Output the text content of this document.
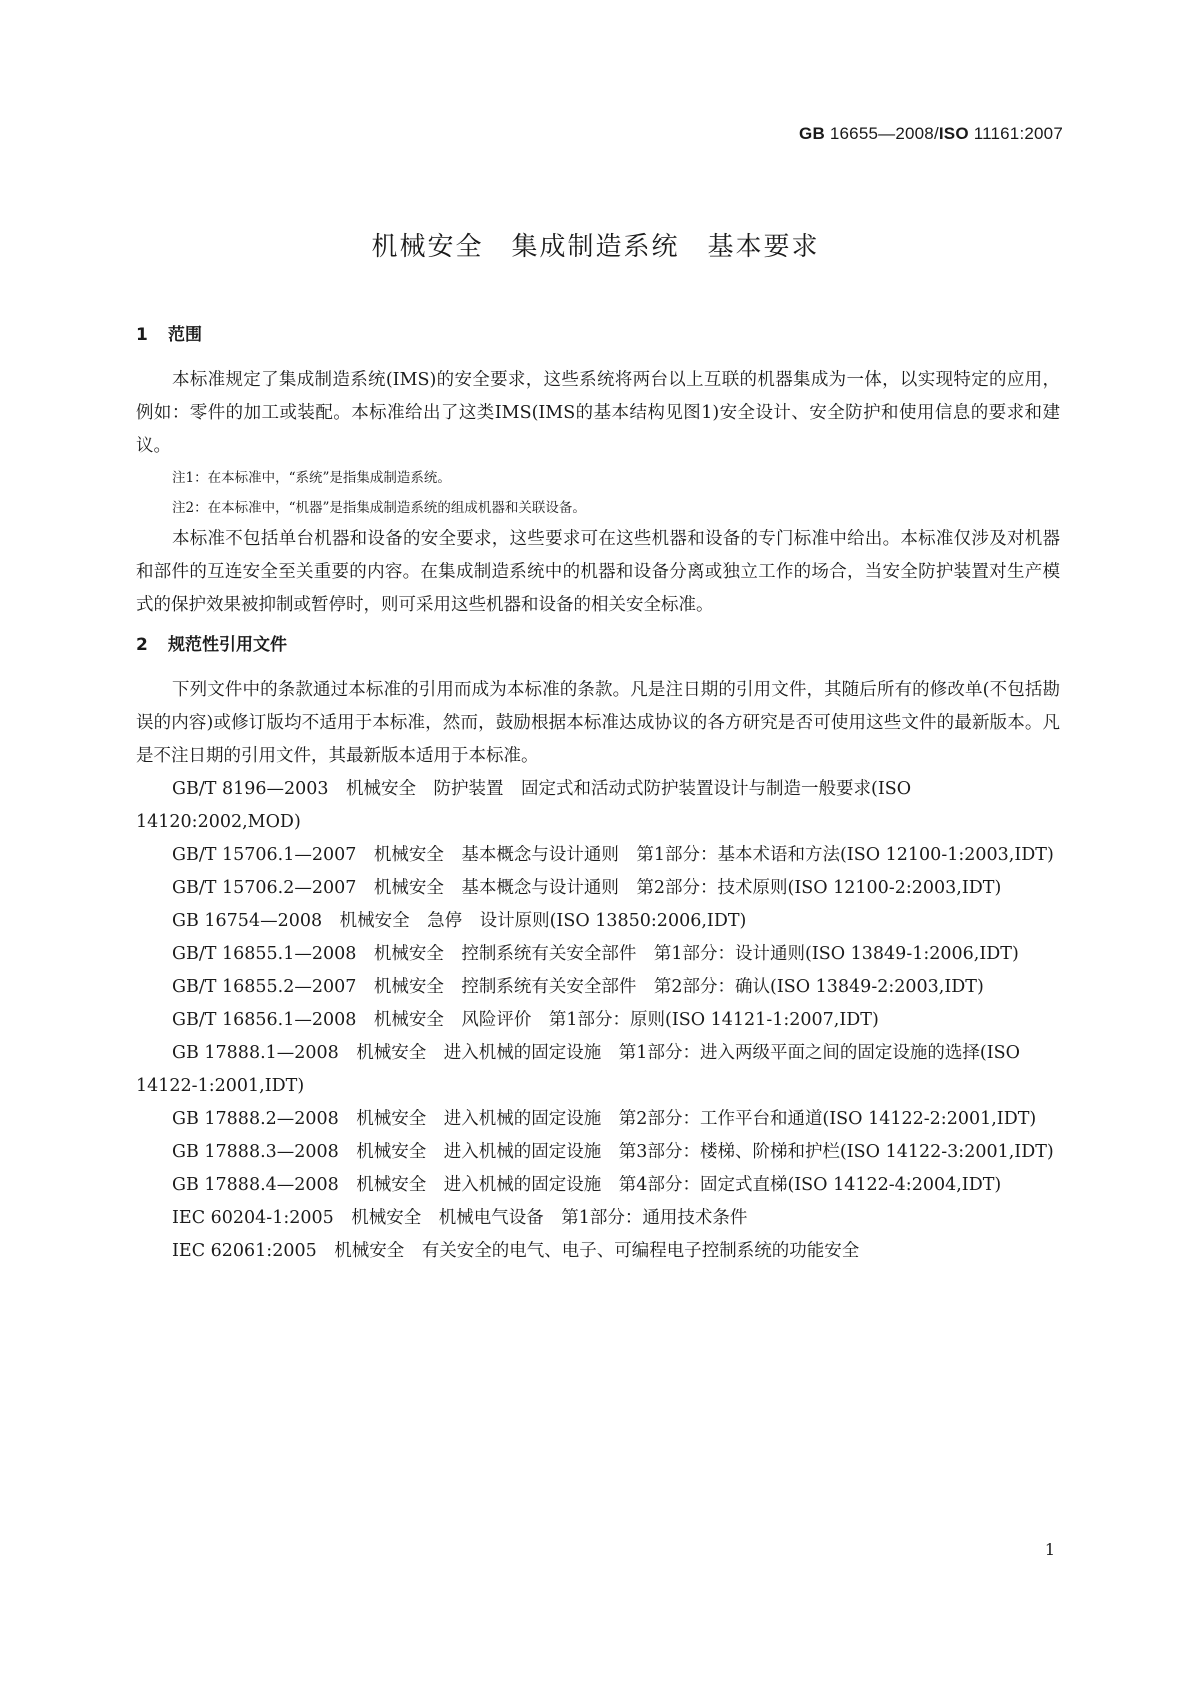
GB 16655—2008/ISO 11161:2007
机械安全　集成制造系统　基本要求
1 范围

本标准规定了集成制造系统(IMS)的安全要求，这些系统将两台以上互联的机器集成为一体，以实现特定的应用，例如：零件的加工或装配。本标准给出了这类IMS(IMS的基本结构见图1)安全设计、安全防护和使用信息的要求和建议。

注1：在本标准中，“系统”是指集成制造系统。

注2：在本标准中，“机器”是指集成制造系统的组成机器和关联设备。

本标准不包括单台机器和设备的安全要求，这些要求可在这些机器和设备的专门标准中给出。本标准仅涉及对机器和部件的互连安全至关重要的内容。在集成制造系统中的机器和设备分离或独立工作的场合，当安全防护装置对生产模式的保护效果被抑制或暂停时，则可采用这些机器和设备的相关安全标准。

2 规范性引用文件

下列文件中的条款通过本标准的引用而成为本标准的条款。凡是注日期的引用文件，其随后所有的修改单(不包括勘误的内容)或修订版均不适用于本标准，然而，鼓励根据本标准达成协议的各方研究是否可使用这些文件的最新版本。凡是不注日期的引用文件，其最新版本适用于本标准。

GB/T 8196—2003　机械安全　防护装置　固定式和活动式防护装置设计与制造一般要求(ISO 14120:2002,MOD)

GB/T 15706.1—2007　机械安全　基本概念与设计通则　第1部分：基本术语和方法(ISO 12100-1:2003,IDT)

GB/T 15706.2—2007　机械安全　基本概念与设计通则　第2部分：技术原则(ISO 12100-2:2003,IDT)

GB 16754—2008　机械安全　急停　设计原则(ISO 13850:2006,IDT)

GB/T 16855.1—2008　机械安全　控制系统有关安全部件　第1部分：设计通则(ISO 13849-1:2006,IDT)

GB/T 16855.2—2007　机械安全　控制系统有关安全部件　第2部分：确认(ISO 13849-2:2003,IDT)

GB/T 16856.1—2008　机械安全　风险评价　第1部分：原则(ISO 14121-1:2007,IDT)

GB 17888.1—2008　机械安全　进入机械的固定设施　第1部分：进入两级平面之间的固定设施的选择(ISO 14122-1:2001,IDT)

GB 17888.2—2008　机械安全　进入机械的固定设施　第2部分：工作平台和通道(ISO 14122-2:2001,IDT)

GB 17888.3—2008　机械安全　进入机械的固定设施　第3部分：楼梯、阶梯和护栏(ISO 14122-3:2001,IDT)

GB 17888.4—2008　机械安全　进入机械的固定设施　第4部分：固定式直梯(ISO 14122-4:2004,IDT)

IEC 60204-1:2005　机械安全　机械电气设备　第1部分：通用技术条件

IEC 62061:2005　机械安全　有关安全的电气、电子、可编程电子控制系统的功能安全

1
